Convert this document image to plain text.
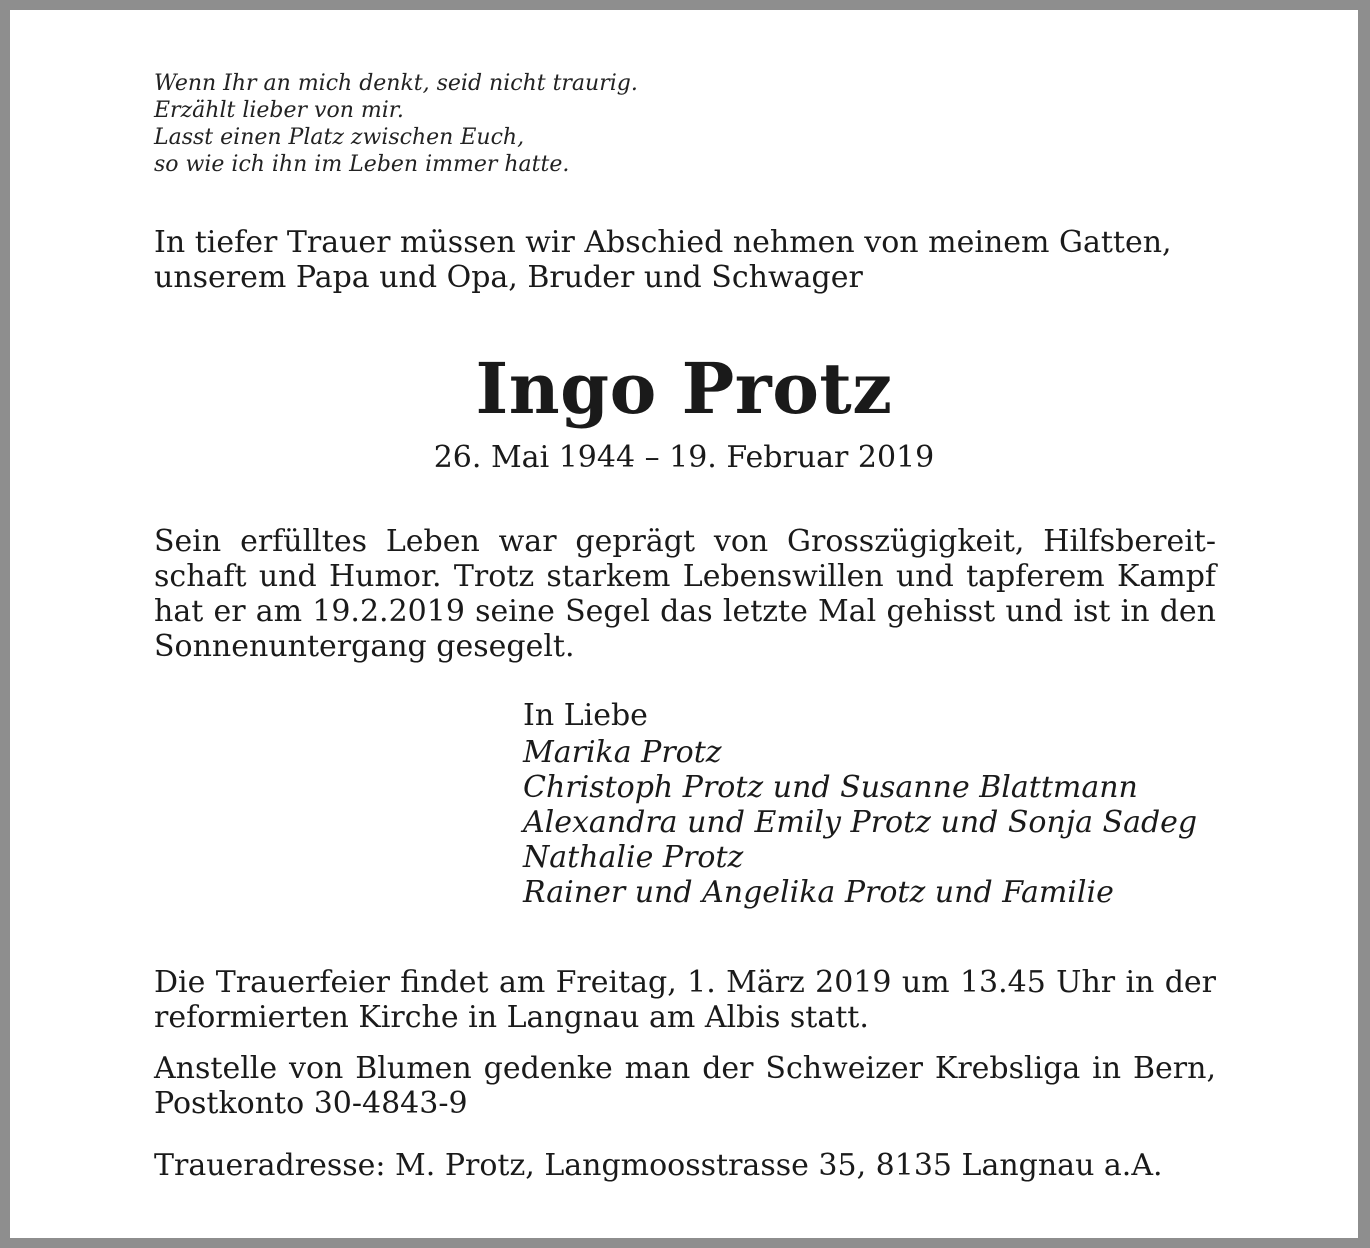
Wenn Ihr an mich denkt, seid nicht traurig.
Erzählt lieber von mir.
Lasst einen Platz zwischen Euch,
so wie ich ihn im Leben immer hatte.
In tiefer Trauer müssen wir Abschied nehmen von meinem Gatten,
unserem Papa und Opa, Bruder und Schwager
Ingo Protz
26. Mai 1944 – 19. Februar 2019
Sein erfülltes Leben war geprägt von Grosszügigkeit, Hilfsbereitschaft und Humor. Trotz starkem Lebenswillen und tapferem Kampf hat er am 19.2.2019 seine Segel das letzte Mal gehisst und ist in den Sonnenuntergang gesegelt.
In Liebe
Marika Protz
Christoph Protz und Susanne Blattmann
Alexandra und Emily Protz und Sonja Sadeg
Nathalie Protz
Rainer und Angelika Protz und Familie
Die Trauerfeier findet am Freitag, 1. März 2019 um 13.45 Uhr in der reformierten Kirche in Langnau am Albis statt.
Anstelle von Blumen gedenke man der Schweizer Krebsliga in Bern, Postkonto 30-4843-9
Traueradresse: M. Protz, Langmoosstrasse 35, 8135 Langnau a.A.
